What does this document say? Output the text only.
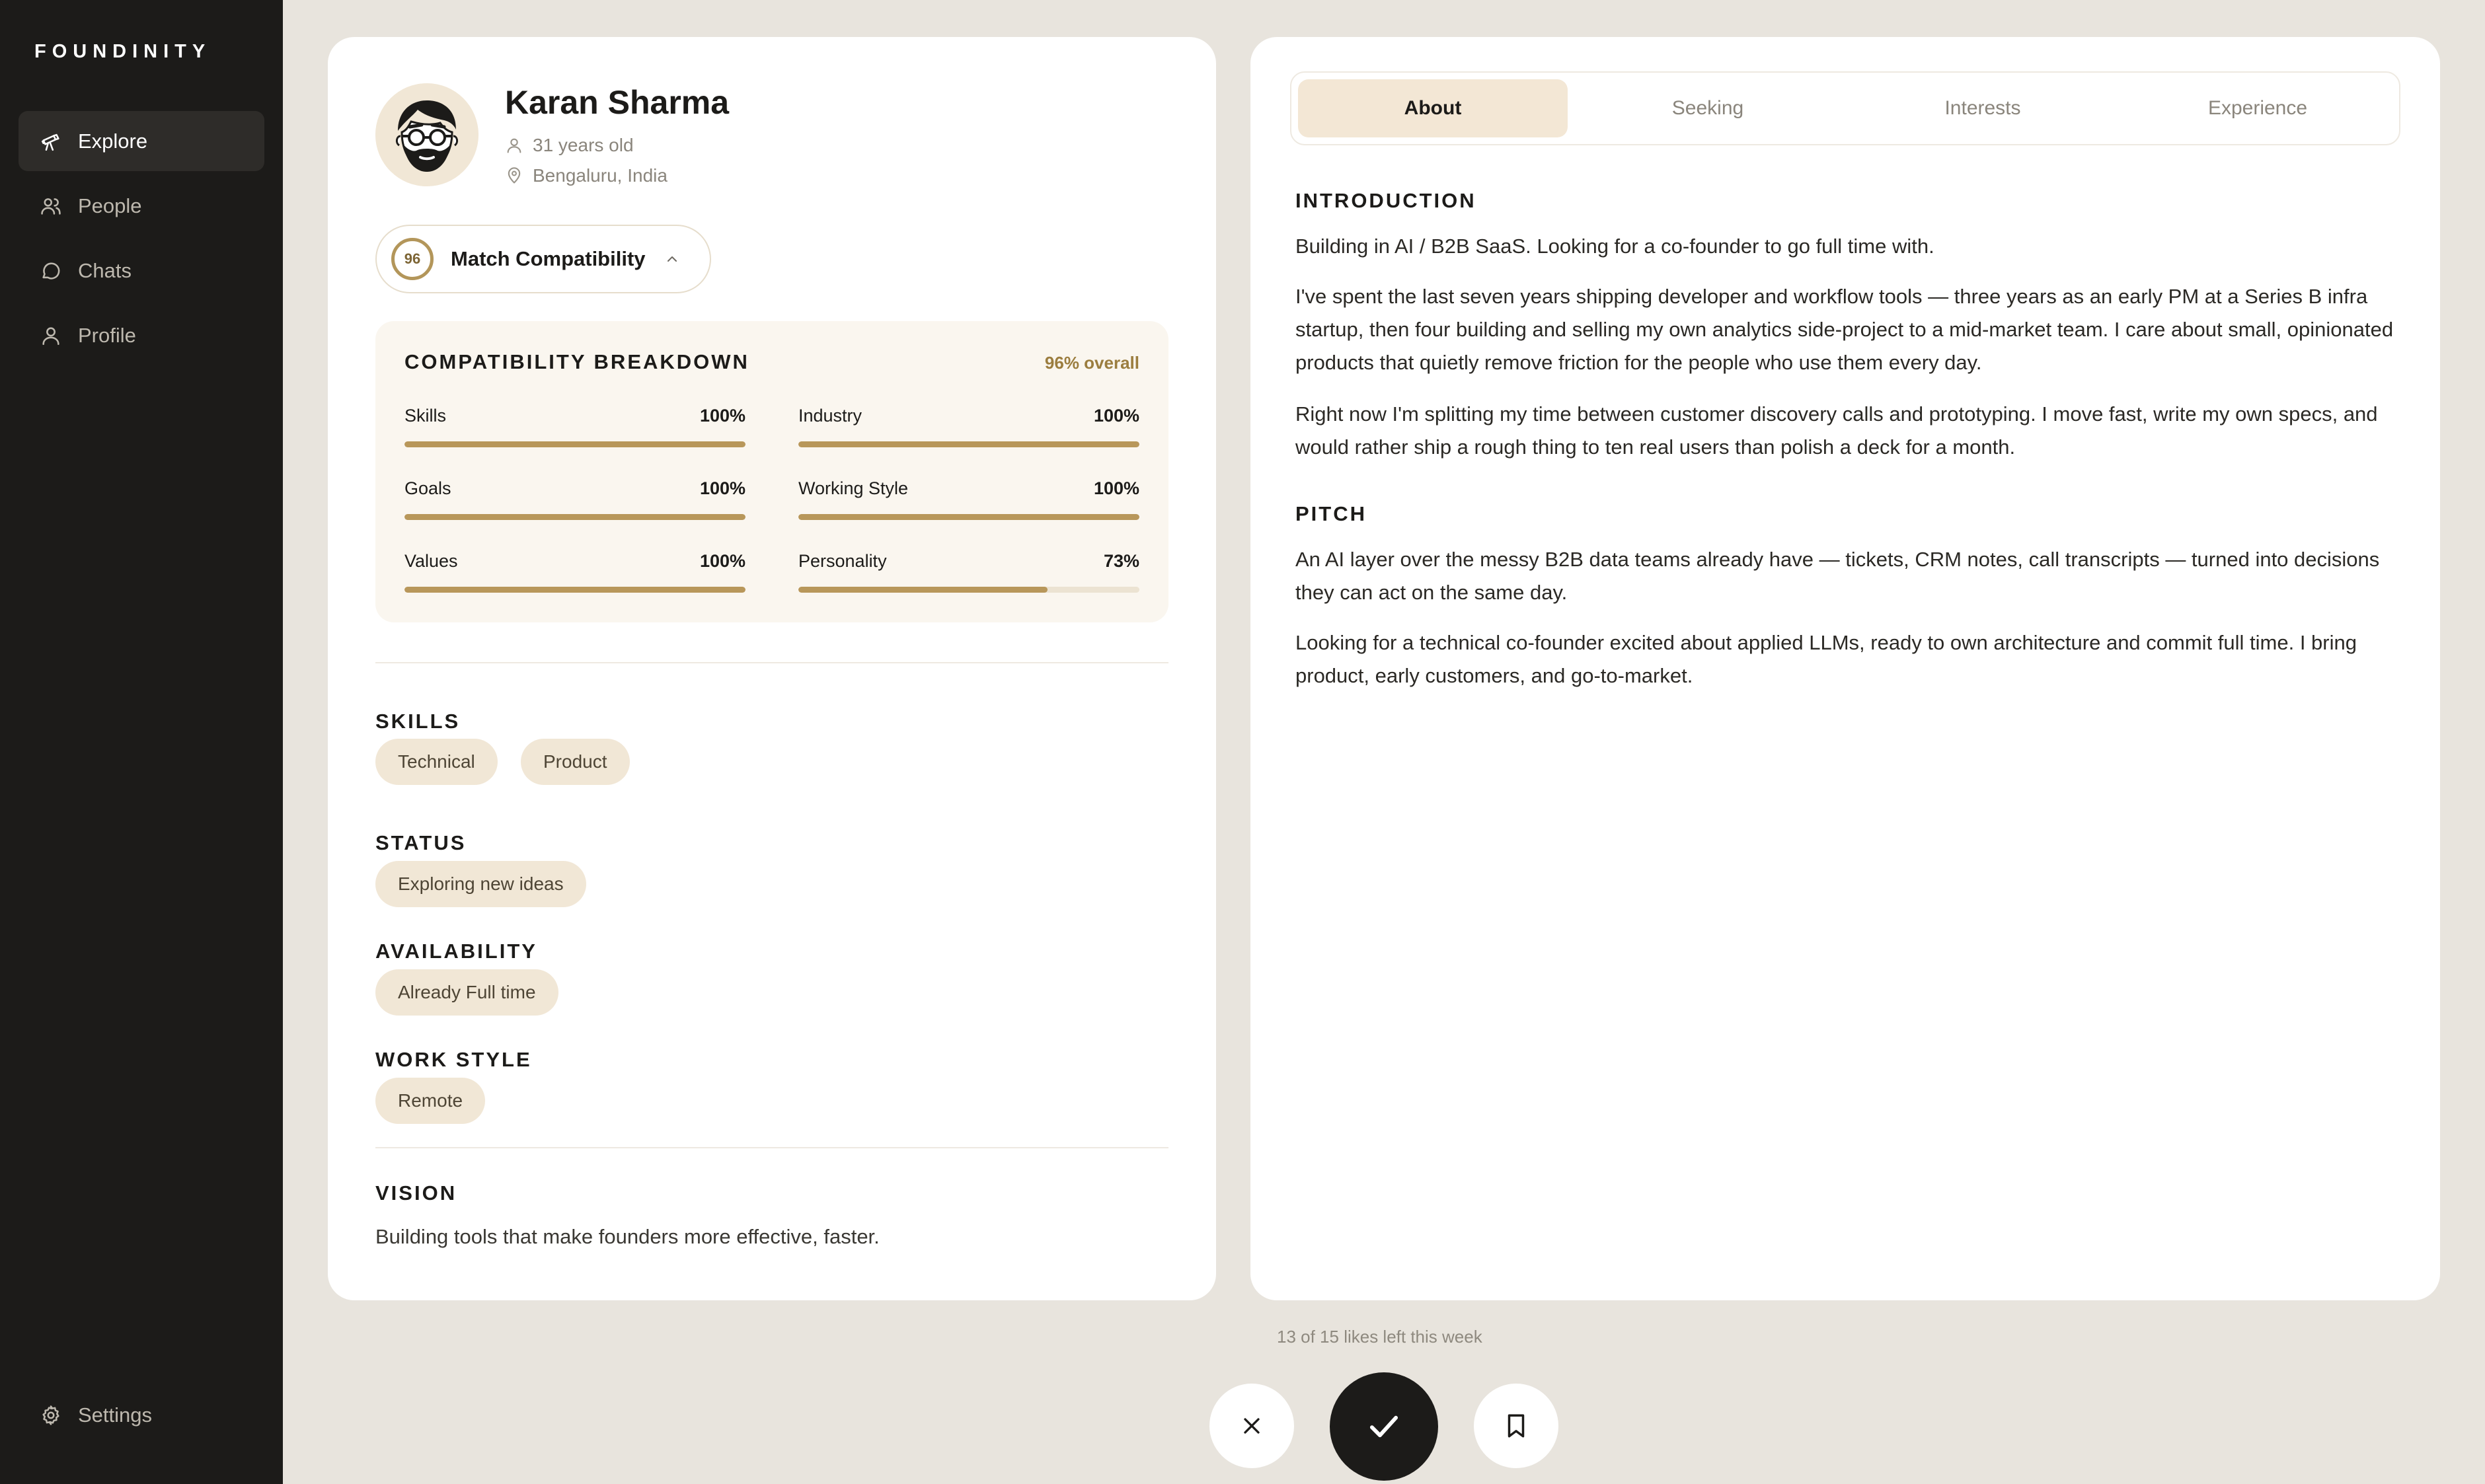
FOUNDINITY
Explore
People
Chats
Profile
Settings
Karan Sharma
31 years old
Bengaluru, India
96	Match Compatibility
COMPATIBILITY BREAKDOWN	96% overall
Skills	100%	Industry	100%
Goals	100%	Working Style	100%
Values	100%	Personality	73%
SKILLS
Technical	Product
STATUS
Exploring new ideas
AVAILABILITY
Already Full time
WORK STYLE
Remote
VISION
Building tools that make founders more effective, faster.
About	Seeking	Interests	Experience
INTRODUCTION
Building in AI / B2B SaaS. Looking for a co-founder to go full time with.
I've spent the last seven years shipping developer and workflow tools — three years as an early PM at a Series B infra startup, then four building and selling my own analytics side-project to a mid-market team. I care about small, opinionated products that quietly remove friction for the people who use them every day.
Right now I'm splitting my time between customer discovery calls and prototyping. I move fast, write my own specs, and would rather ship a rough thing to ten real users than polish a deck for a month.
PITCH
An AI layer over the messy B2B data teams already have — tickets, CRM notes, call transcripts — turned into decisions they can act on the same day.
Looking for a technical co-founder excited about applied LLMs, ready to own architecture and commit full time. I bring product, early customers, and go-to-market.
13 of 15 likes left this week
